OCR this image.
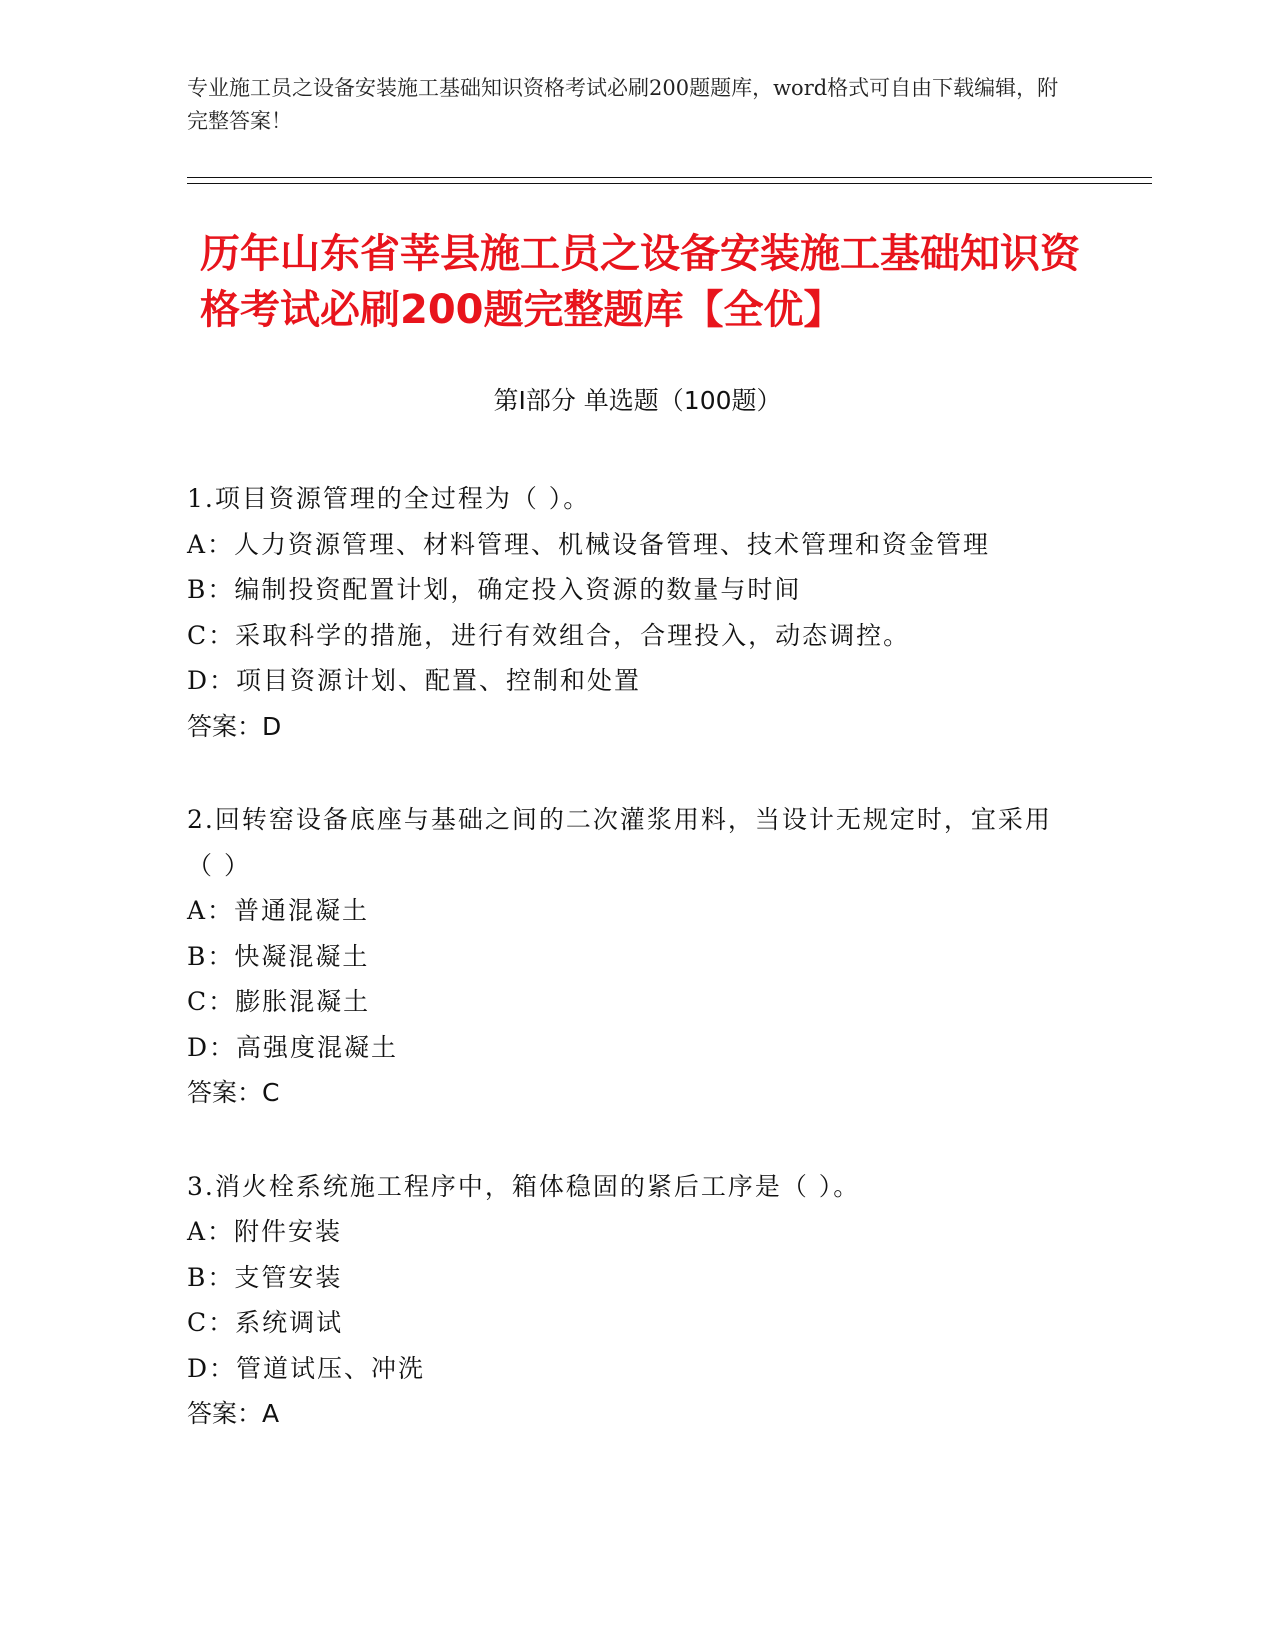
专业施工员之设备安装施工基础知识资格考试必刷200题题库，word格式可自由下载编辑，附完整答案！
历年山东省莘县施工员之设备安装施工基础知识资格考试必刷200题完整题库【全优】
第Ⅰ部分 单选题（100题）

1.项目资源管理的全过程为（ ）。

A：人力资源管理、材料管理、机械设备管理、技术管理和资金管理

B：编制投资配置计划，确定投入资源的数量与时间

C：采取科学的措施，进行有效组合，合理投入，动态调控。

D：项目资源计划、配置、控制和处置

答案：D

2.回转窑设备底座与基础之间的二次灌浆用料，当设计无规定时，宜采用（ ）

A：普通混凝土

B：快凝混凝土

C：膨胀混凝土

D：高强度混凝土

答案：C

3.消火栓系统施工程序中，箱体稳固的紧后工序是（ ）。

A：附件安装

B：支管安装

C：系统调试

D：管道试压、冲洗

答案：A
